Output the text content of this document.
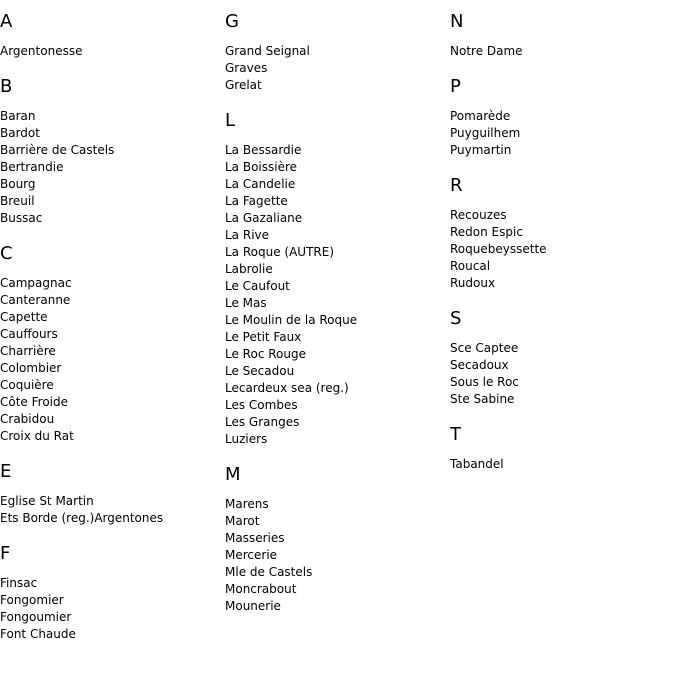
A
Argentonesse
B
Baran
Bardot
Barrière de Castels
Bertrandie
Bourg
Breuil
Bussac
C
Campagnac
Canteranne
Capette
Cauffours
Charrière
Colombier
Coquière
Côte Froide
Crabidou
Croix du Rat
E
Eglise St Martin
Ets Borde (reg.)Argentones
F
Finsac
Fongomier
Fongoumier
Font Chaude
G
Grand Seignal
Graves
Grelat
L
La Bessardie
La Boissière
La Candelie
La Fagette
La Gazaliane
La Rive
La Roque (AUTRE)
Labrolie
Le Caufout
Le Mas
Le Moulin de la Roque
Le Petit Faux
Le Roc Rouge
Le Secadou
Lecardeux sea (reg.)
Les Combes
Les Granges
Luziers
M
Marens
Marot
Masseries
Mercerie
Mle de Castels
Moncrabout
Mounerie
N
Notre Dame
P
Pomarède
Puyguilhem
Puymartin
R
Recouzes
Redon Espic
Roquebeyssette
Roucal
Rudoux
S
Sce Captee
Secadoux
Sous le Roc
Ste Sabine
T
Tabandel
